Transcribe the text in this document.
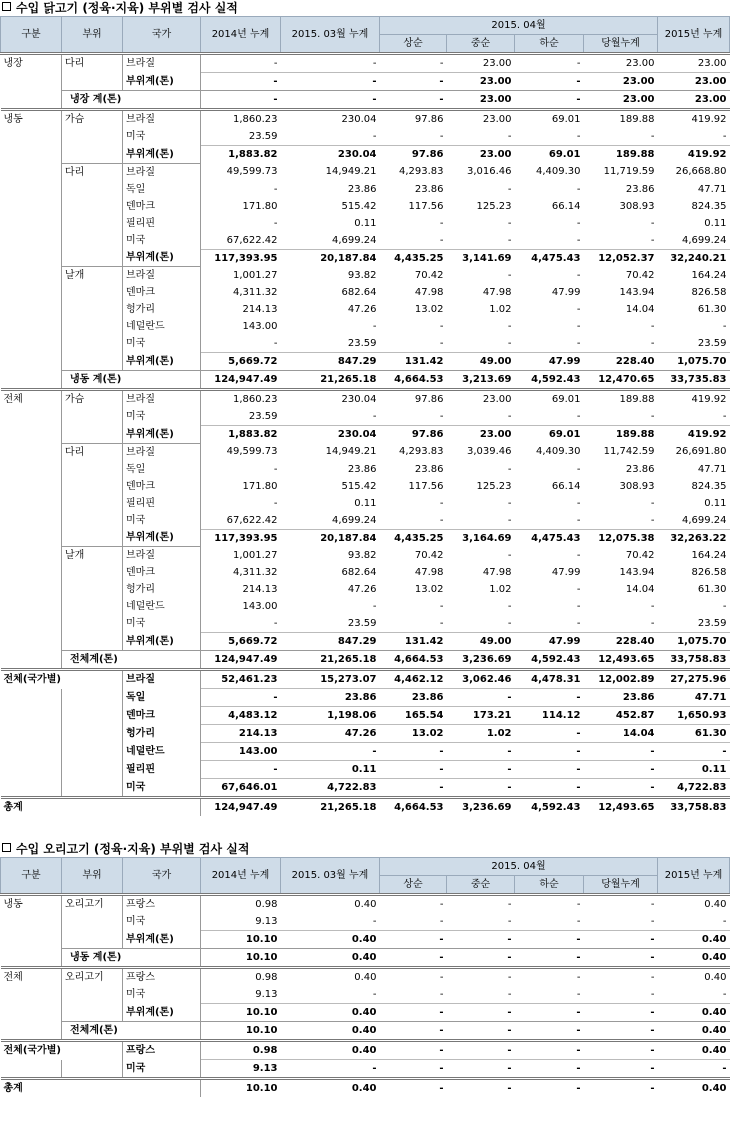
수입 닭고기 (정육·지육) 부위별 검사 실적
구분	부위	국가	2014년 누계	2015. 03월 누계	2015. 04월				2015년 누계
					상순	중순	하순	당월누계	
냉장	다리	브라질	-	-	-	23.00	-	23.00	23.00
		부위계(톤)	-	-	-	23.00	-	23.00	23.00
	냉장 계(톤)		-	-	-	23.00	-	23.00	23.00
냉동	가슴	브라질	1,860.23	230.04	97.86	23.00	69.01	189.88	419.92
		미국	23.59	-	-	-	-	-	-
		부위계(톤)	1,883.82	230.04	97.86	23.00	69.01	189.88	419.92
	다리	브라질	49,599.73	14,949.21	4,293.83	3,016.46	4,409.30	11,719.59	26,668.80
		독일	-	23.86	23.86	-	-	23.86	47.71
		덴마크	171.80	515.42	117.56	125.23	66.14	308.93	824.35
		필리핀	-	0.11	-	-	-	-	0.11
		미국	67,622.42	4,699.24	-	-	-	-	4,699.24
		부위계(톤)	117,393.95	20,187.84	4,435.25	3,141.69	4,475.43	12,052.37	32,240.21
	날개	브라질	1,001.27	93.82	70.42	-	-	70.42	164.24
		덴마크	4,311.32	682.64	47.98	47.98	47.99	143.94	826.58
		헝가리	214.13	47.26	13.02	1.02	-	14.04	61.30
		네덜란드	143.00	-	-	-	-	-	-
		미국	-	23.59	-	-	-	-	23.59
		부위계(톤)	5,669.72	847.29	131.42	49.00	47.99	228.40	1,075.70
	냉동 계(톤)		124,947.49	21,265.18	4,664.53	3,213.69	4,592.43	12,470.65	33,735.83
전체	가슴	브라질	1,860.23	230.04	97.86	23.00	69.01	189.88	419.92
		미국	23.59	-	-	-	-	-	-
		부위계(톤)	1,883.82	230.04	97.86	23.00	69.01	189.88	419.92
	다리	브라질	49,599.73	14,949.21	4,293.83	3,039.46	4,409.30	11,742.59	26,691.80
		독일	-	23.86	23.86	-	-	23.86	47.71
		덴마크	171.80	515.42	117.56	125.23	66.14	308.93	824.35
		필리핀	-	0.11	-	-	-	-	0.11
		미국	67,622.42	4,699.24	-	-	-	-	4,699.24
		부위계(톤)	117,393.95	20,187.84	4,435.25	3,164.69	4,475.43	12,075.38	32,263.22
	날개	브라질	1,001.27	93.82	70.42	-	-	70.42	164.24
		덴마크	4,311.32	682.64	47.98	47.98	47.99	143.94	826.58
		헝가리	214.13	47.26	13.02	1.02	-	14.04	61.30
		네덜란드	143.00	-	-	-	-	-	-
		미국	-	23.59	-	-	-	-	23.59
		부위계(톤)	5,669.72	847.29	131.42	49.00	47.99	228.40	1,075.70
	전체계(톤)		124,947.49	21,265.18	4,664.53	3,236.69	4,592.43	12,493.65	33,758.83
전체(국가별)		브라질	52,461.23	15,273.07	4,462.12	3,062.46	4,478.31	12,002.89	27,275.96
		독일	-	23.86	23.86	-	-	23.86	47.71
		덴마크	4,483.12	1,198.06	165.54	173.21	114.12	452.87	1,650.93
		헝가리	214.13	47.26	13.02	1.02	-	14.04	61.30
		네덜란드	143.00	-	-	-	-	-	-
		필리핀	-	0.11	-	-	-	-	0.11
		미국	67,646.01	4,722.83	-	-	-	-	4,722.83
총계			124,947.49	21,265.18	4,664.53	3,236.69	4,592.43	12,493.65	33,758.83
수입 오리고기 (정육·지육) 부위별 검사 실적
구분	부위	국가	2014년 누계	2015. 03월 누계	2015. 04월				2015년 누계
					상순	중순	하순	당월누계	
냉동	오리고기	프랑스	0.98	0.40	-	-	-	-	0.40
		미국	9.13	-	-	-	-	-	-
		부위계(톤)	10.10	0.40	-	-	-	-	0.40
	냉동 계(톤)		10.10	0.40	-	-	-	-	0.40
전체	오리고기	프랑스	0.98	0.40	-	-	-	-	0.40
		미국	9.13	-	-	-	-	-	-
		부위계(톤)	10.10	0.40	-	-	-	-	0.40
	전체계(톤)		10.10	0.40	-	-	-	-	0.40
전체(국가별)		프랑스	0.98	0.40	-	-	-	-	0.40
		미국	9.13	-	-	-	-	-	-
총계			10.10	0.40	-	-	-	-	0.40
